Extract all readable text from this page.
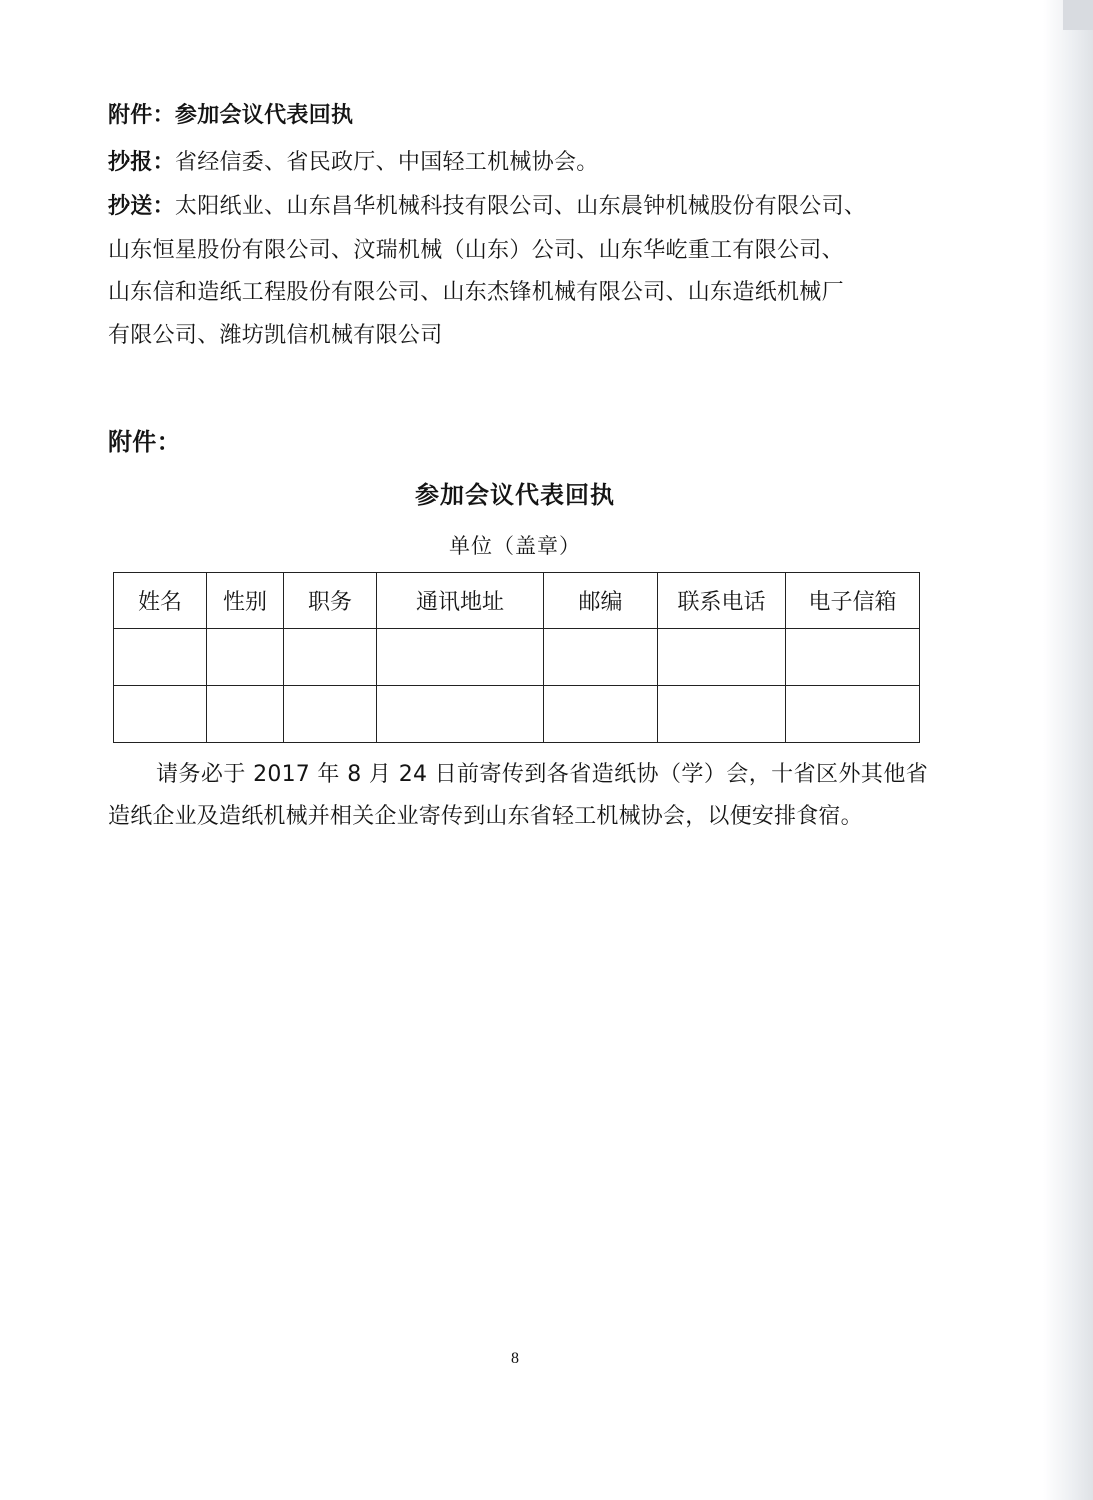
附件：参加会议代表回执
抄报：省经信委、省民政厅、中国轻工机械协会。
抄送：太阳纸业、山东昌华机械科技有限公司、山东晨钟机械股份有限公司、
山东恒星股份有限公司、汶瑞机械（山东）公司、山东华屹重工有限公司、
山东信和造纸工程股份有限公司、山东杰锋机械有限公司、山东造纸机械厂
有限公司、潍坊凯信机械有限公司
附件：
参加会议代表回执
单位（盖章）
姓名	性别	职务	通讯地址	邮编	联系电话	电子信箱

请务必于 2017 年 8 月 24 日前寄传到各省造纸协（学）会，十省区外其他省造纸企业及造纸机械并相关企业寄传到山东省轻工机械协会，以便安排食宿。
8
